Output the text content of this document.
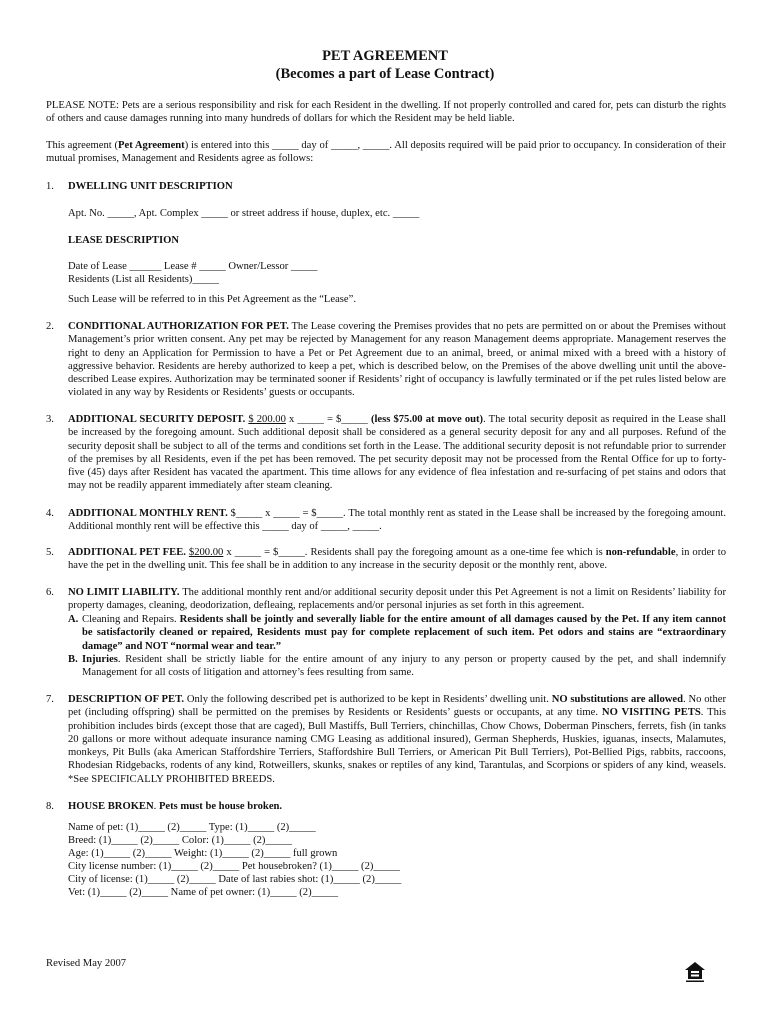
PET AGREEMENT
(Becomes a part of Lease Contract)
PLEASE NOTE: Pets are a serious responsibility and risk for each Resident in the dwelling. If not properly controlled and cared for, pets can disturb the rights of others and cause damages running into many hundreds of dollars for which the Resident may be held liable.
This agreement (Pet Agreement) is entered into this _____ day of _____, _____. All deposits required will be paid prior to occupancy. In consideration of their mutual promises, Management and Residents agree as follows:
1. DWELLING UNIT DESCRIPTION
Apt. No. _____, Apt. Complex _____ or street address if house, duplex, etc. _____
LEASE DESCRIPTION
Date of Lease ______ Lease # _____ Owner/Lessor _____
Residents (List all Residents)_____
Such Lease will be referred to in this Pet Agreement as the “Lease”.
2. CONDITIONAL AUTHORIZATION FOR PET. The Lease covering the Premises provides that no pets are permitted on or about the Premises without Management’s prior written consent. Any pet may be rejected by Management for any reason Management deems appropriate. Management reserves the right to deny an Application for Permission to have a Pet or Pet Agreement due to an animal, breed, or animal mixed with a breed with a history of aggressive behavior. Residents are hereby authorized to keep a pet, which is described below, on the Premises of the above dwelling unit until the above-described Lease expires. Authorization may be terminated sooner if Residents’ right of occupancy is lawfully terminated or if the pet rules listed below are violated in any way by Residents or Residents’ guests or occupants.
3. ADDITIONAL SECURITY DEPOSIT. $ 200.00 x _____ = $_____ (less $75.00 at move out). The total security deposit as required in the Lease shall be increased by the foregoing amount. Such additional deposit shall be considered as a general security deposit for any and all purposes. Refund of the security deposit shall be subject to all of the terms and conditions set forth in the Lease. The additional security deposit is not refundable prior to surrender of the premises by all Residents, even if the pet has been removed. The pet security deposit may not be processed from the Rental Office for up to forty-five (45) days after Resident has vacated the apartment. This time allows for any evidence of flea infestation and re-surfacing of pet stains and odors that may not be readily apparent immediately after steam cleaning.
4. ADDITIONAL MONTHLY RENT. $_____ x _____ = $_____. The total monthly rent as stated in the Lease shall be increased by the foregoing amount. Additional monthly rent will be effective this _____ day of _____, _____.
5. ADDITIONAL PET FEE. $200.00 x _____ = $_____. Residents shall pay the foregoing amount as a one-time fee which is non-refundable, in order to have the pet in the dwelling unit. This fee shall be in addition to any increase in the security deposit or the monthly rent, above.
6. NO LIMIT LIABILITY. The additional monthly rent and/or additional security deposit under this Pet Agreement is not a limit on Residents’ liability for property damages, cleaning, deodorization, defleaing, replacements and/or personal injuries as set forth in this agreement.
A. Cleaning and Repairs. Residents shall be jointly and severally liable for the entire amount of all damages caused by the Pet. If any item cannot be satisfactorily cleaned or repaired, Residents must pay for complete replacement of such item. Pet odors and stains are “extraordinary damage” and NOT “normal wear and tear.”
B. Injuries. Resident shall be strictly liable for the entire amount of any injury to any person or property caused by the pet, and shall indemnify Management for all costs of litigation and attorney’s fees resulting from same.
7. DESCRIPTION OF PET. Only the following described pet is authorized to be kept in Residents’ dwelling unit. NO substitutions are allowed. No other pet (including offspring) shall be permitted on the premises by Residents or Residents’ guests or occupants, at any time. NO VISITING PETS. This prohibition includes birds (except those that are caged), Bull Mastiffs, Bull Terriers, chinchillas, Chow Chows, Doberman Pinschers, ferrets, fish (in tanks 20 gallons or more without adequate insurance naming CMG Leasing as additional insured), German Shepherds, Huskies, iguanas, insects, Malamutes, monkeys, Pit Bulls (aka American Staffordshire Terriers, Staffordshire Bull Terriers, or American Pit Bull Terriers), Pot-Bellied Pigs, rabbits, raccoons, Rhodesian Ridgebacks, rodents of any kind, Rotweillers, skunks, snakes or reptiles of any kind, Tarantulas, and Scorpions or spiders of any kind, weasels. *See SPECIFICALLY PROHIBITED BREEDS.
8. HOUSE BROKEN. Pets must be house broken.
Name of pet: (1)_____ (2)_____ Type: (1)_____ (2)_____
Breed: (1)_____ (2)_____ Color: (1)_____ (2)_____
Age: (1)_____ (2)_____ Weight: (1)_____ (2)_____ full grown
City license number: (1)_____ (2)_____ Pet housebroken? (1)_____ (2)_____
City of license: (1)_____ (2)_____ Date of last rabies shot: (1)_____ (2)_____
Vet: (1)_____ (2)_____ Name of pet owner: (1)_____ (2)_____
Revised May 2007
